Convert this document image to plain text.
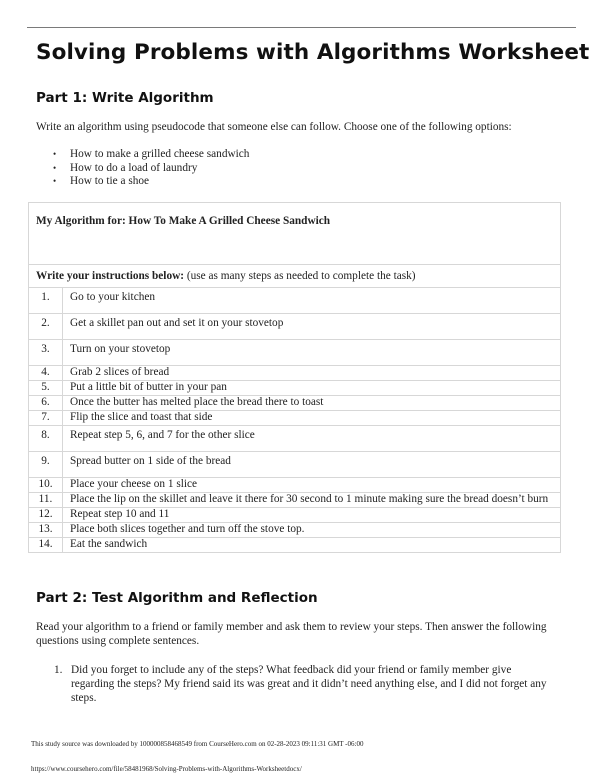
Solving Problems with Algorithms Worksheet
Part 1: Write Algorithm

Write an algorithm using pseudocode that someone else can follow. Choose one of the following options:

• How to make a grilled cheese sandwich
• How to do a load of laundry
• How to tie a shoe
My Algorithm for: How To Make A Grilled Cheese Sandwich	
Write your instructions below: (use as many steps as needed to complete the task)	
1.	Go to your kitchen
2.	Get a skillet pan out and set it on your stovetop
3.	Turn on your stovetop
4.	Grab 2 slices of bread
5.	Put a little bit of butter in your pan
6.	Once the butter has melted place the bread there to toast
7.	Flip the slice and toast that side
8.	Repeat step 5, 6, and 7 for the other slice
9.	Spread butter on 1 side of the bread
10.	Place your cheese on 1 slice
11.	Place the lip on the skillet and leave it there for 30 second to 1 minute making sure the bread doesn’t burn
12.	Repeat step 10 and 11
13.	Place both slices together and turn off the stove top.
14.	Eat the sandwich
Part 2: Test Algorithm and Reflection

Read your algorithm to a friend or family member and ask them to review your steps. Then answer the following questions using complete sentences.

1. Did you forget to include any of the steps? What feedback did your friend or family member give regarding the steps? My friend said its was great and it didn’t need anything else, and I did not forget any steps.

This study source was downloaded by 100000858468549 from CourseHero.com on 02-28-2023 09:11:31 GMT -06:00

https://www.coursehero.com/file/58481968/Solving-Problems-with-Algorithms-Worksheetdocx/
